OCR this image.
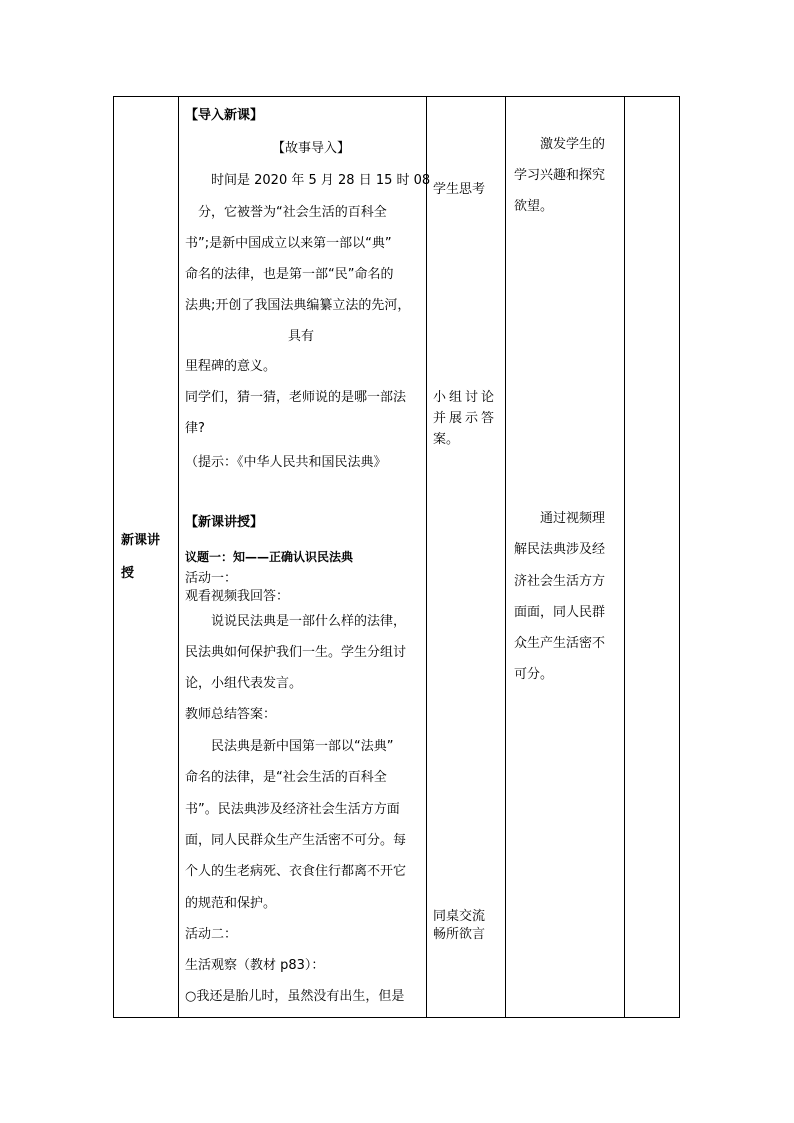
新课讲
授
【导入新课】
【故事导入】
时间是 2020 年 5 月 28 日 15 时 08
分，它被誉为“社会生活的百科全
书”;是新中国成立以来第一部以“典”
命名的法律，也是第一部“民”命名的
法典;开创了我国法典编纂立法的先河，
具有
里程碑的意义。
同学们，猜一猜，老师说的是哪一部法
律?
（提示：《中华人民共和国民法典》
【新课讲授】
议题一：知——正确认识民法典
活动一：
观看视频我回答：
说说民法典是一部什么样的法律，
民法典如何保护我们一生。学生分组讨
论，小组代表发言。
教师总结答案：
民法典是新中国第一部以“法典”
命名的法律，是“社会生活的百科全
书”。民法典涉及经济社会生活方方面
面，同人民群众生产生活密不可分。每
个人的生老病死、衣食住行都离不开它
的规范和保护。
活动二：
生活观察（教材 p83）：
○我还是胎儿时，虽然没有出生，但是
学生思考
小组讨论
并展示答
案。
同桌交流
畅所欲言
激发学生的
学习兴趣和探究
欲望。
通过视频理
解民法典涉及经
济社会生活方方
面面，同人民群
众生产生活密不
可分。
